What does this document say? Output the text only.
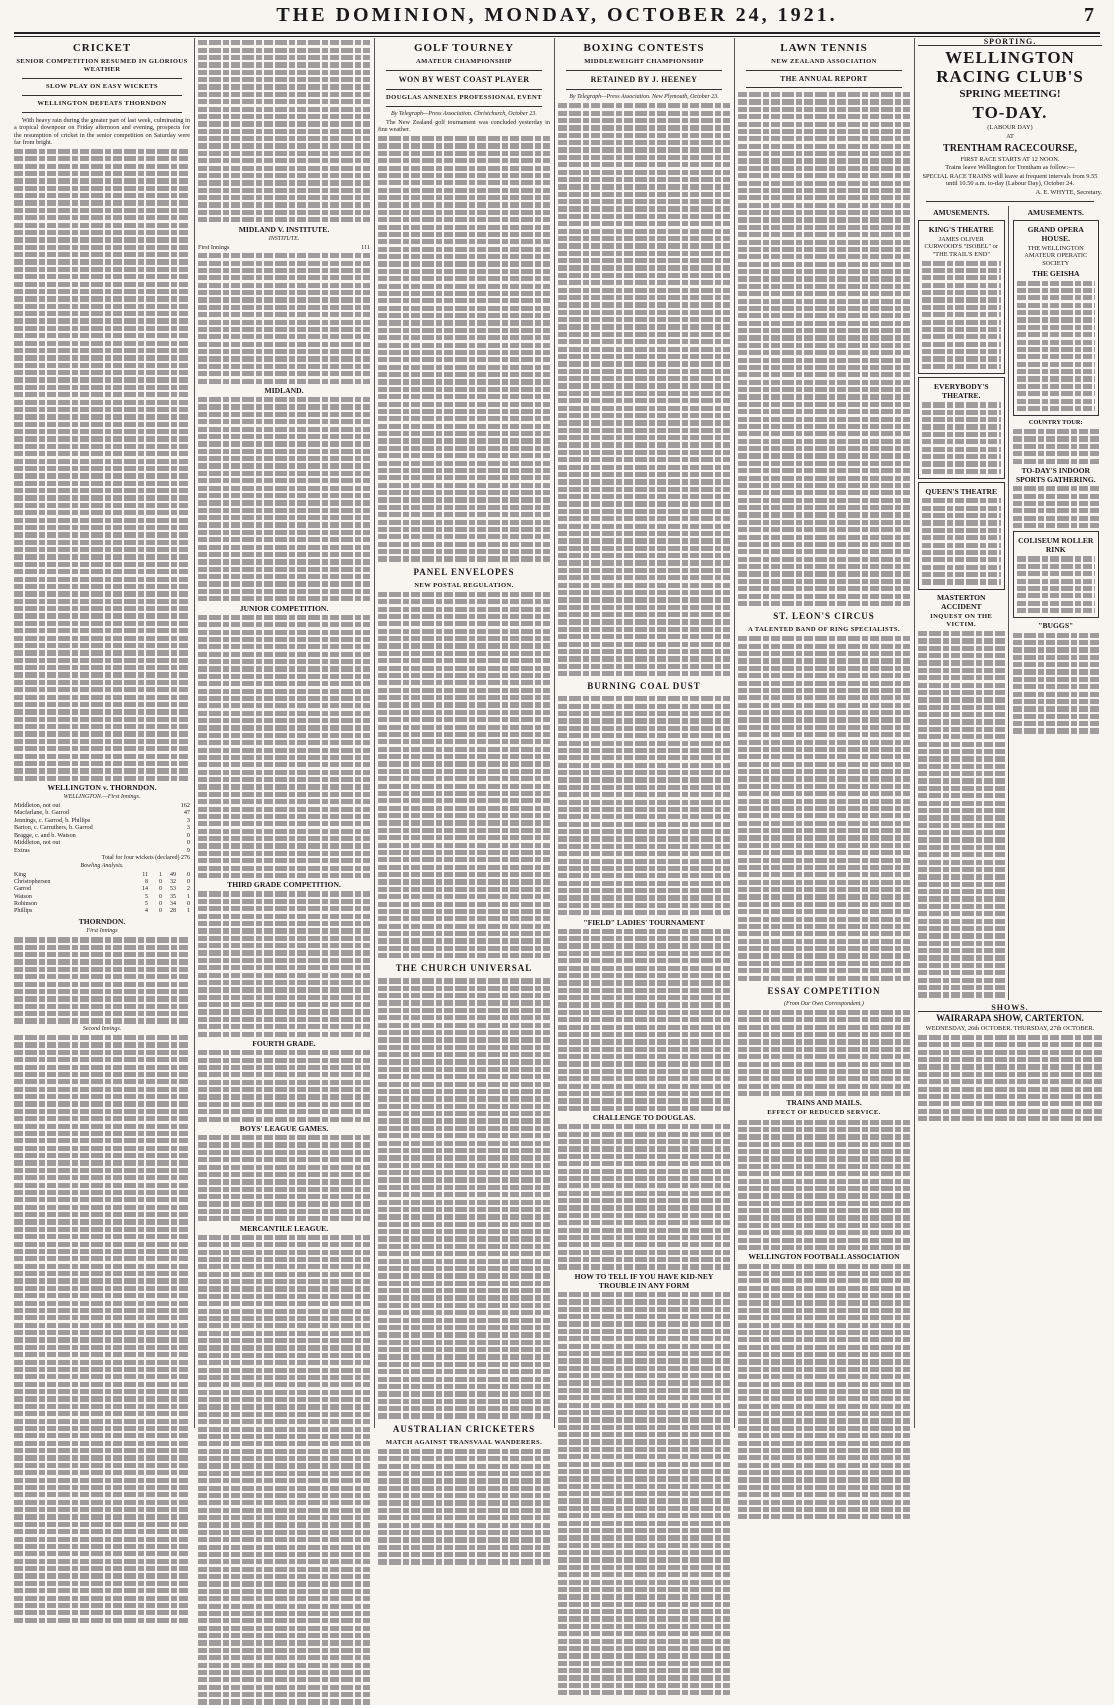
THE DOMINION, MONDAY, OCTOBER 24, 1921.	7
CRICKET
SENIOR COMPETITION RESUMED IN GLORIOUS WEATHER
SLOW PLAY ON EASY WICKETS
WELLINGTON DEFEATS THORNDON

With heavy rain during the greater part of last week, culminating in a tropical downpour on Friday afternoon and evening, prospects for the resumption of cricket in the senior competition on Saturday were far from bright.

WELLINGTON v. THORNDON.
WELLINGTON.—First Innings.
Middleton, not out	162
Macfarlane, b. Garrod	47
Jennings, c. Garrod, b. Phillips	3
Barton, c. Carruthers, b. Garrod	3
Bragge, c. and b. Watson	0
Middleton, not out	0
Extras	9
Total for four wickets (declared) 276
Bowling Analysis.
King	11	1	49	0
Christophersen	8	0	32	0
Garrod	14	0	53	2
Watson	5	0	35	1
Robinson	5	0	34	0
Phillips	4	0	28	1
THORNDON.
First Innings
Second Innings.
MIDLAND V. INSTITUTE.
INSTITUTE.
First Innings	111
MIDLAND.
JUNIOR COMPETITION.
THIRD GRADE COMPETITION.
FOURTH GRADE.
BOYS' LEAGUE GAMES.
MERCANTILE LEAGUE.
GOLF TOURNEY
AMATEUR CHAMPIONSHIP
WON BY WEST COAST PLAYER
DOUGLAS ANNEXES PROFESSIONAL EVENT
By Telegraph—Press Association. Christchurch, October 23.

The New Zealand golf tournament was concluded yesterday in fine weather.

PANEL ENVELOPES
NEW POSTAL REGULATION.
THE CHURCH UNIVERSAL
AUSTRALIAN CRICKETERS
MATCH AGAINST TRANSVAAL WANDERERS.
BOXING CONTESTS
MIDDLEWEIGHT CHAMPIONSHIP
RETAINED BY J. HEENEY
By Telegraph—Press Association. New Plymouth, October 23.
BURNING COAL DUST
"FIELD" LADIES' TOURNAMENT
CHALLENGE TO DOUGLAS.
HOW TO TELL IF YOU HAVE KID-NEY TROUBLE IN ANY FORM
LAWN TENNIS
NEW ZEALAND ASSOCIATION
THE ANNUAL REPORT
ST. LEON'S CIRCUS
A TALENTED BAND OF RING SPECIALISTS.
ESSAY COMPETITION
(From Our Own Correspondent.)
TRAINS AND MAILS.
EFFECT OF REDUCED SERVICE.
WELLINGTON FOOTBALL ASSOCIATION
SPORTING.
WELLINGTON RACING CLUB'S
SPRING MEETING!
TO-DAY.
(LABOUR DAY)
AT
TRENTHAM RACECOURSE,
FIRST RACE STARTS AT 12 NOON.
Trains leave Wellington for Trentham as follow:—
SPECIAL RACE TRAINS will leave at frequent intervals from 9.55 until 10.50 a.m. to-day (Labour Day), October 24.
A. E. WHYTE, Secretary.
AMUSEMENTS.
KING'S THEATRE
JAMES OLIVER CURWOOD'S "ISOBEL" or "THE TRAIL'S END"
EVERYBODY'S THEATRE.
QUEEN'S THEATRE
MASTERTON ACCIDENT
INQUEST ON THE VICTIM.
AMUSEMENTS.
GRAND OPERA HOUSE.
THE WELLINGTON AMATEUR OPERATIC SOCIETY
THE GEISHA
COUNTRY TOUR:
TO-DAY'S INDOOR SPORTS GATHERING.
COLISEUM ROLLER RINK
"BUGGS"
SHOWS.
WAIRARAPA SHOW, CARTERTON.
WEDNESDAY, 26th OCTOBER. THURSDAY, 27th OCTOBER.
